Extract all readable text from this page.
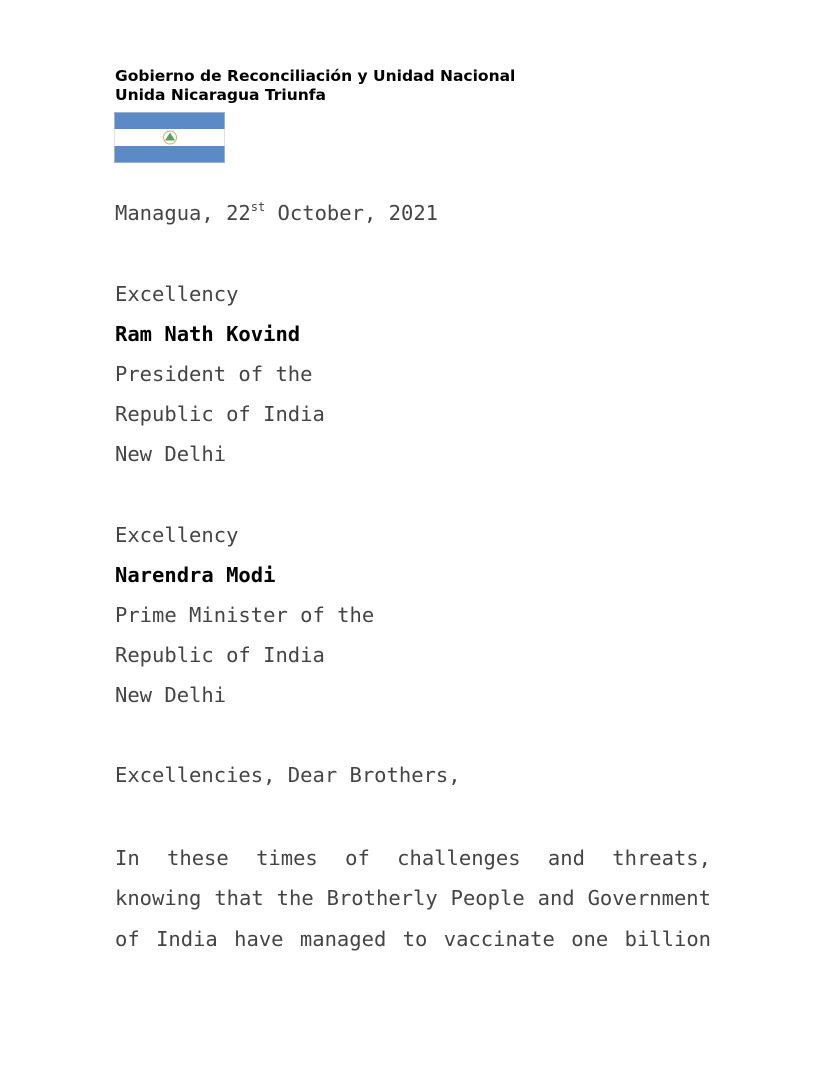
Gobierno de Reconciliación y Unidad Nacional
Unida Nicaragua Triunfa
Managua, 22st October, 2021
Excellency
Ram Nath Kovind
President of the
Republic of India
New Delhi
Excellency
Narendra Modi
Prime Minister of the
Republic of India
New Delhi
Excellencies, Dear Brothers,
In these times of challenges and threats,
knowing that the Brotherly People and Government
of India have managed to vaccinate one billion
